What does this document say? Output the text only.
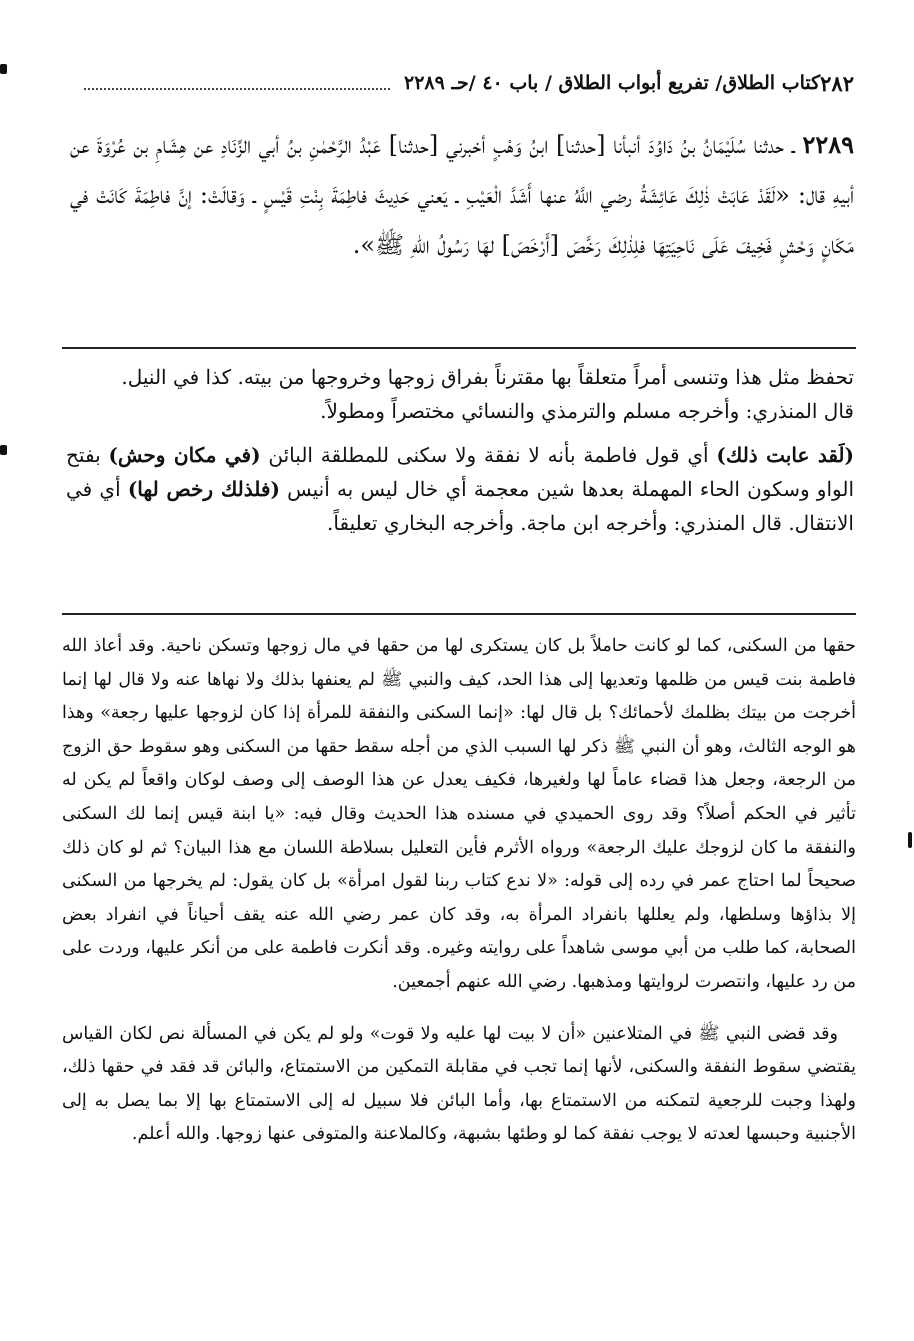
٢٨٢
كتاب الطلاق/ تفريع أبواب الطلاق / باب ٤٠ /
حـ ٢٢٨٩
٢٢٨٩ ـ حدثنا سُلَيْمَانُ بنُ دَاوُدَ أنبأنا [حدثنا] ابنُ وَهْبٍ أخبرني [حدثنا] عَبْدُ الرَّحْمٰنِ بنُ أبي الزِّنَادِ عن هِشَامِ بن عُرْوَةَ عن أبيهِ قال: «لَقَدْ عَابَتْ ذٰلِكَ عَائِشَةُ رضي اللَّهُ عنها أَشَدَّ الْعَيْبِ ـ يَعني حَدِيثَ فاطِمَةَ بِنْتِ قَيْسٍ ـ وَقالَتْ: إنَّ فاطِمَةَ كَانَتْ في مَكَانٍ وَحْشٍ فَخِيفَ عَلَى نَاحِيَتِهَا فلِذٰلِكَ رَخَّصَ [أَرْخَصَ] لهَا رَسُولُ اللّٰهِ ﷺ».

تحفظ مثل هذا وتنسى أمراً متعلقاً بها مقترناً بفراق زوجها وخروجها من بيته. كذا في النيل.

قال المنذري: وأخرجه مسلم والترمذي والنسائي مختصراً ومطولاً.

(لَقد عابت ذلك) أي قول فاطمة بأنه لا نفقة ولا سكنى للمطلقة البائن (في مكان وحش) بفتح الواو وسكون الحاء المهملة بعدها شين معجمة أي خال ليس به أنيس (فلذلك رخص لها) أي في الانتقال. قال المنذري: وأخرجه ابن ماجة. وأخرجه البخاري تعليقاً.

حقها من السكنى، كما لو كانت حاملاً بل كان يستكرى لها من حقها في مال زوجها وتسكن ناحية. وقد أعاذ الله فاطمة بنت قيس من ظلمها وتعديها إلى هذا الحد، كيف والنبي ﷺ لم يعنفها بذلك ولا نهاها عنه ولا قال لها إنما أخرجت من بيتك بظلمك لأحمائك؟ بل قال لها: «إنما السكنى والنفقة للمرأة إذا كان لزوجها عليها رجعة» وهذا هو الوجه الثالث، وهو أن النبي ﷺ ذكر لها السبب الذي من أجله سقط حقها من السكنى وهو سقوط حق الزوج من الرجعة، وجعل هذا قضاء عاماً لها ولغيرها، فكيف يعدل عن هذا الوصف إلى وصف لوكان واقعاً لم يكن له تأثير في الحكم أصلاً؟ وقد روى الحميدي في مسنده هذا الحديث وقال فيه: «يا ابنة قيس إنما لك السكنى والنفقة ما كان لزوجك عليك الرجعة» ورواه الأثرم فأين التعليل بسلاطة اللسان مع هذا البيان؟ ثم لو كان ذلك صحيحاً لما احتاج عمر في رده إلى قوله: «لا ندع كتاب ربنا لقول امرأة» بل كان يقول: لم يخرجها من السكنى إلا بذاؤها وسلطها، ولم يعللها بانفراد المرأة به، وقد كان عمر رضي الله عنه يقف أحياناً في انفراد بعض الصحابة، كما طلب من أبي موسى شاهداً على روايته وغيره. وقد أنكرت فاطمة على من أنكر عليها، وردت على من رد عليها، وانتصرت لروايتها ومذهبها. رضي الله عنهم أجمعين.

وقد قضى النبي ﷺ في المتلاعنين «أن لا بيت لها عليه ولا قوت» ولو لم يكن في المسألة نص لكان القياس يقتضي سقوط النفقة والسكنى، لأنها إنما تجب في مقابلة التمكين من الاستمتاع، والبائن قد فقد في حقها ذلك، ولهذا وجبت للرجعية لتمكنه من الاستمتاع بها، وأما البائن فلا سبيل له إلى الاستمتاع بها إلا بما يصل به إلى الأجنبية وحبسها لعدته لا يوجب نفقة كما لو وطئها بشبهة، وكالملاعنة والمتوفى عنها زوجها. والله أعلم.
